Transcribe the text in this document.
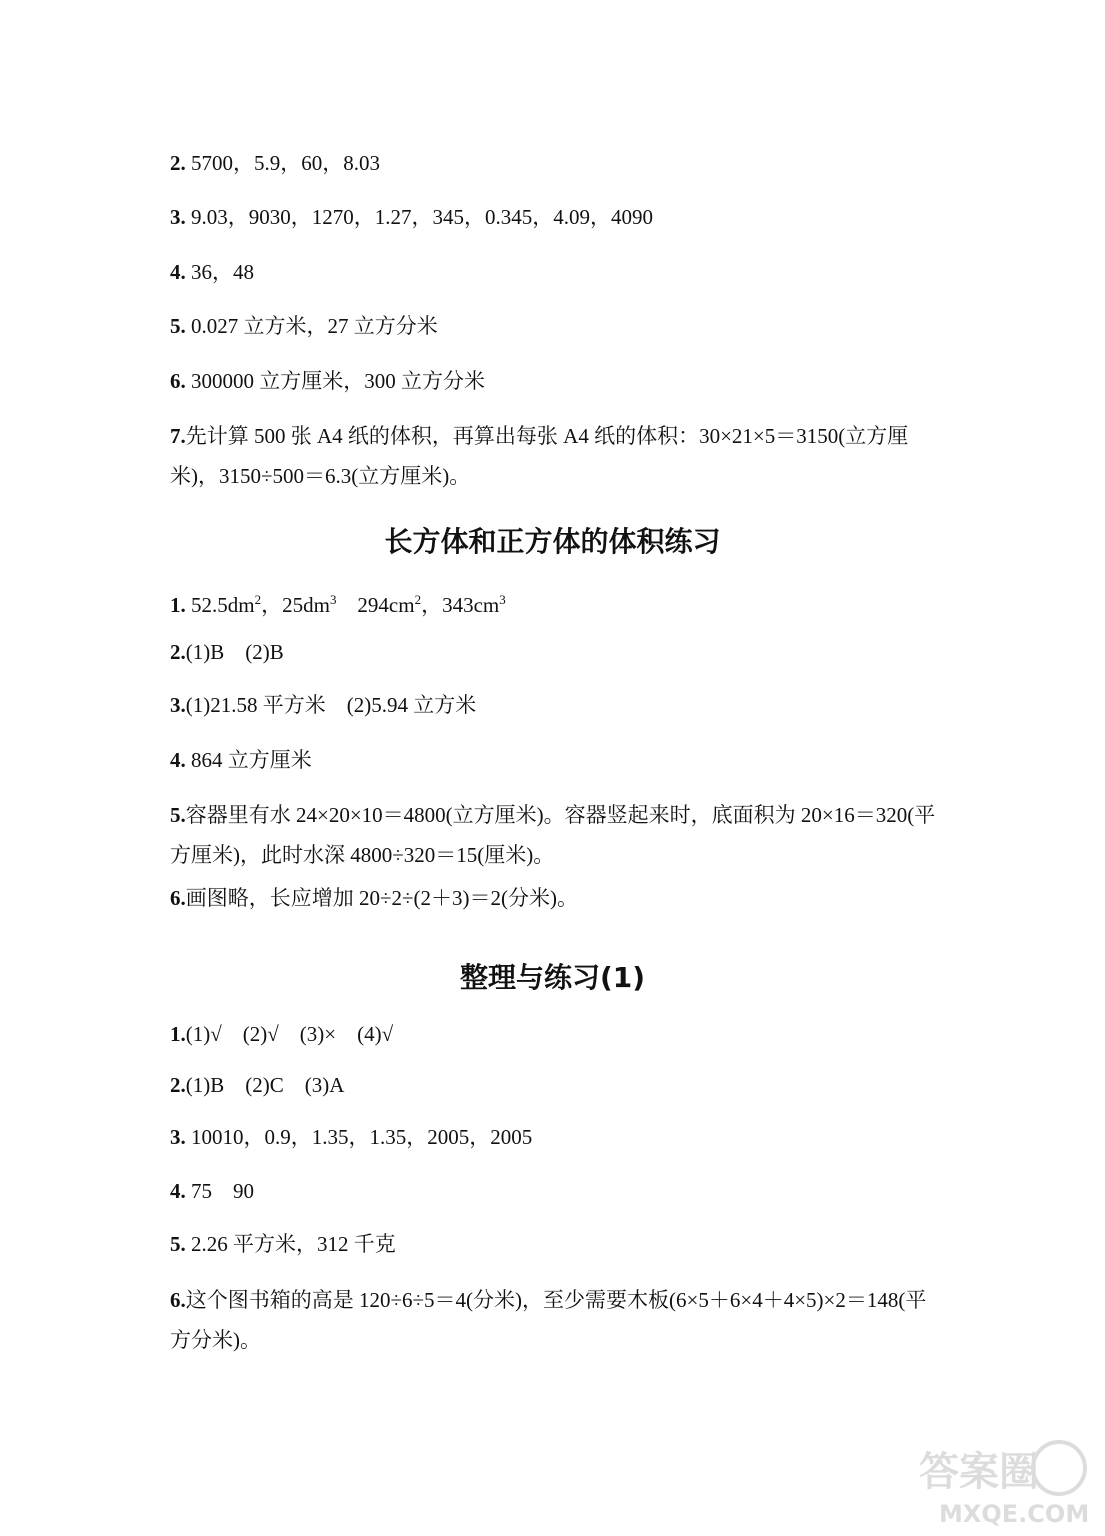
2. 5700，5.9，60，8.03
3. 9.03，9030，1270，1.27，345，0.345，4.09，4090
4. 36，48
5. 0.027 立方米，27 立方分米
6. 300000 立方厘米，300 立方分米
7.先计算 500 张 A4 纸的体积，再算出每张 A4 纸的体积：30×21×5＝3150(立方厘米)，3150÷500＝6.3(立方厘米)。
长方体和正方体的体积练习
1. $52.5dm^2$，$25dm^3$　$294cm^2$，$343cm^3$
2.(1)B　(2)B
3.(1)21.58 平方米　(2)5.94 立方米
4. 864 立方厘米
5.容器里有水 24×20×10＝4800(立方厘米)。容器竖起来时，底面积为 20×16＝320(平方厘米)，此时水深 4800÷320＝15(厘米)。
6.画图略，长应增加 20÷2÷(2＋3)＝2(分米)。
整理与练习(1)
1.(1)√　(2)√　(3)×　(4)√
2.(1)B　(2)C　(3)A
3. 10010，0.9，1.35，1.35，2005，2005
4. 75　90
5. 2.26 平方米，312 千克
6.这个图书箱的高是 120÷6÷5＝4(分米)，至少需要木板(6×5＋6×4＋4×5)×2＝148(平方分米)。
答案圈
MXQE.COM
